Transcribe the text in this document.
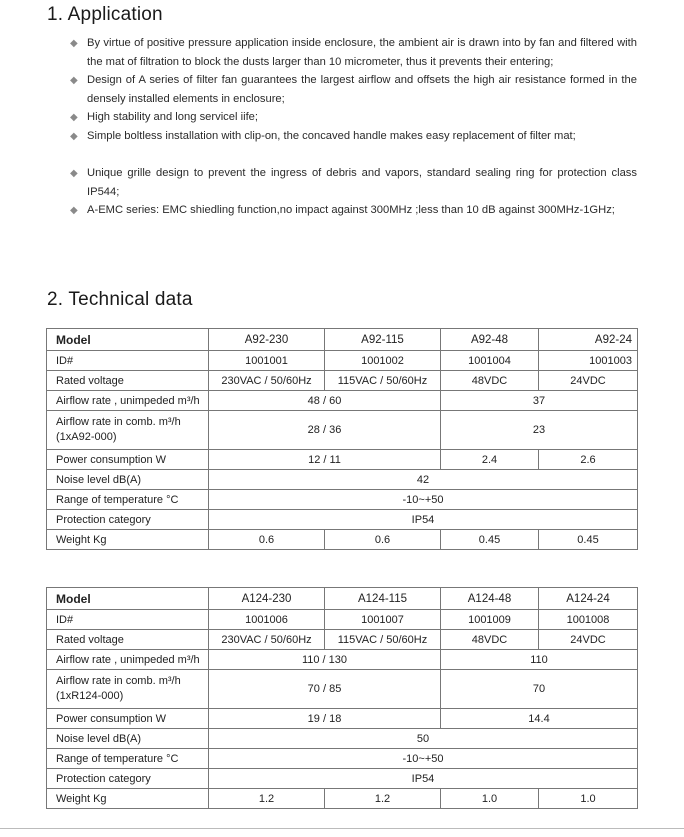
1. Application
◆ By virtue of positive pressure application inside enclosure, the ambient air is drawn into by fan and filtered with the mat of filtration to block the dusts larger than 10 micrometer, thus it prevents their entering;
◆ Design of A series of filter fan guarantees the largest airflow and offsets the high air resistance formed in the densely installed elements in enclosure;
◆ High stability and long servicel iife;
◆ Simple boltless installation with clip-on, the concaved handle makes easy replacement of filter mat;
◆ Unique grille design to prevent the ingress of debris and vapors, standard sealing ring for protection class IP544;
◆ A-EMC series: EMC shiedling function,no impact against 300MHz ;less than 10 dB against 300MHz-1GHz;
2. Technical data
Model	A92-230	A92-115	A92-48	A92-24
ID#	1001001	1001002	1001004	1001003
Rated voltage	230VAC / 50/60Hz	115VAC / 50/60Hz	48VDC	24VDC
Airflow rate , unimpeded m³/h	48 / 60		37	

Airflow rate in comb. m³/h
(1xA92-000)	28 / 36		23	
Power consumption W	12 / 11		2.4	2.6
Noise level dB(A)	42			
Range of temperature °C	-10~+50			
Protection category	IP54			
Weight Kg	0.6	0.6	0.45	0.45
Model	A124-230	A124-115	A124-48	A124-24
ID#	1001006	1001007	1001009	1001008
Rated voltage	230VAC / 50/60Hz	115VAC / 50/60Hz	48VDC	24VDC
Airflow rate , unimpeded m³/h	110 / 130		110	

Airflow rate in comb. m³/h
(1xR124-000)	70 / 85		70	
Power consumption W	19 / 18		14.4	
Noise level dB(A)	50			
Range of temperature °C	-10~+50			
Protection category	IP54			
Weight Kg	1.2	1.2	1.0	1.0
